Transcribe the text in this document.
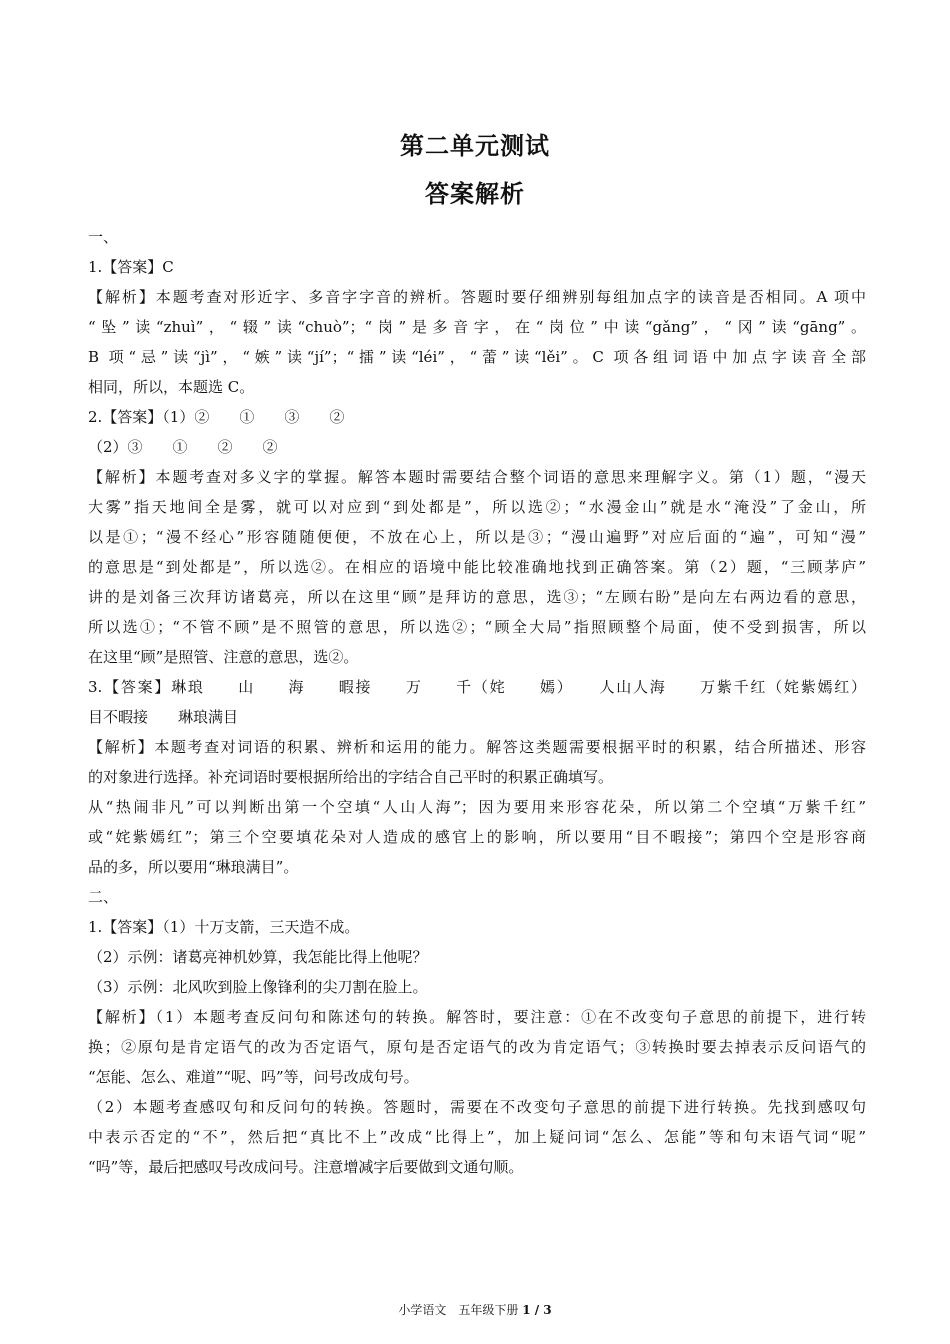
第二单元测试
答案解析
一、
1.【答案】C
【解析】本题考查对形近字、多音字字音的辨析。答题时要仔细辨别每组加点字的读音是否相同。A 项中
“坠”读“zhuì”，“辍”读“chuò”；“岗”是多音字，在“岗位”中读“gǎng”，“冈”读“gāng”。
B 项“忌”读“jì”，“嫉”读“jí”；“擂”读“léi”，“蕾”读“lěi”。C 项各组词语中加点字读音全部
相同，所以，本题选 C。
2.【答案】（1）②　　①　　③　　②
（2）③　　①　　②　　②
【解析】本题考查对多义字的掌握。解答本题时需要结合整个词语的意思来理解字义。第（1）题，“漫天
大雾”指天地间全是雾，就可以对应到“到处都是”，所以选②；“水漫金山”就是水“淹没”了金山，所
以是①；“漫不经心”形容随随便便，不放在心上，所以是③；“漫山遍野”对应后面的“遍”，可知“漫”
的意思是“到处都是”，所以选②。在相应的语境中能比较准确地找到正确答案。第（2）题，“三顾茅庐”
讲的是刘备三次拜访诸葛亮，所以在这里“顾”是拜访的意思，选③；“左顾右盼”是向左右两边看的意思，
所以选①；“不管不顾”是不照管的意思，所以选②；“顾全大局”指照顾整个局面，使不受到损害，所以
在这里“顾”是照管、注意的意思，选②。
3.【答案】琳琅　　山　　海　　暇接　　万　　千（姹　　嫣）　　人山人海　　万紫千红（姹紫嫣红）
目不暇接　　琳琅满目
【解析】本题考查对词语的积累、辨析和运用的能力。解答这类题需要根据平时的积累，结合所描述、形容
的对象进行选择。补充词语时要根据所给出的字结合自己平时的积累正确填写。
从“热闹非凡”可以判断出第一个空填“人山人海”；因为要用来形容花朵，所以第二个空填“万紫千红”
或“姹紫嫣红”；第三个空要填花朵对人造成的感官上的影响，所以要用“目不暇接”；第四个空是形容商
品的多，所以要用“琳琅满目”。
二、
1.【答案】（1）十万支箭，三天造不成。
（2）示例：诸葛亮神机妙算，我怎能比得上他呢？
（3）示例：北风吹到脸上像锋利的尖刀割在脸上。
【解析】（1）本题考查反问句和陈述句的转换。解答时，要注意：①在不改变句子意思的前提下，进行转
换；②原句是肯定语气的改为否定语气，原句是否定语气的改为肯定语气；③转换时要去掉表示反问语气的
“怎能、怎么、难道”“呢、吗”等，问号改成句号。
（2）本题考查感叹句和反问句的转换。答题时，需要在不改变句子意思的前提下进行转换。先找到感叹句
中表示否定的“不”，然后把“真比不上”改成“比得上”，加上疑问词“怎么、怎能”等和句末语气词“呢”
“吗”等，最后把感叹号改成问号。注意增减字后要做到文通句顺。
小学语文　五年级下册 1 / 3
